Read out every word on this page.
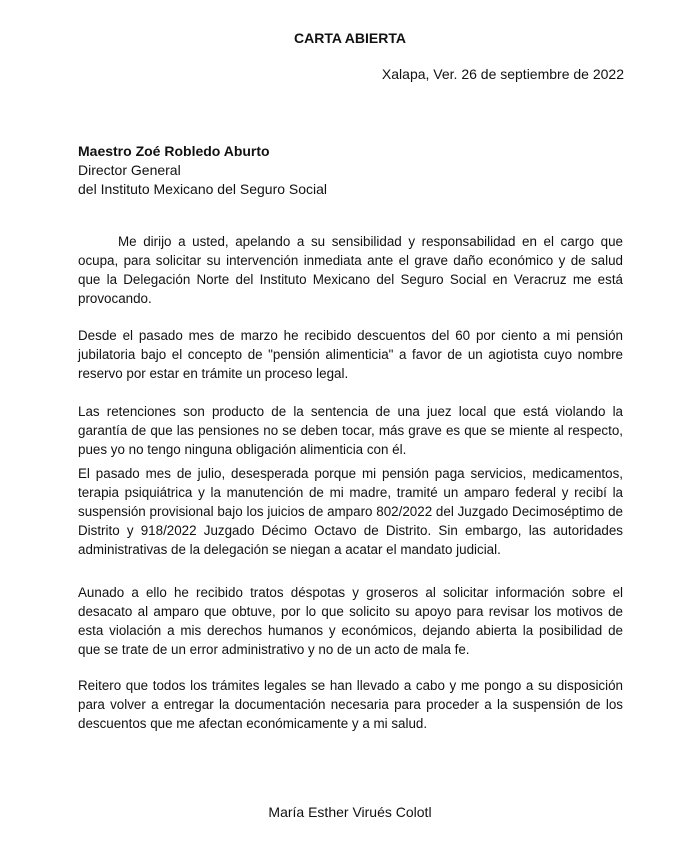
CARTA ABIERTA
Xalapa, Ver. 26 de septiembre de 2022
Maestro Zoé Robledo Aburto
Director General
del Instituto Mexicano del Seguro Social

Me dirijo a usted, apelando a su sensibilidad y responsabilidad en el cargo que ocupa, para solicitar su intervención inmediata ante el grave daño económico y de salud que la Delegación Norte del Instituto Mexicano del Seguro Social en Veracruz me está provocando.

Desde el pasado mes de marzo he recibido descuentos del 60 por ciento a mi pensión jubilatoria bajo el concepto de "pensión alimenticia" a favor de un agiotista cuyo nombre reservo por estar en trámite un proceso legal.

Las retenciones son producto de la sentencia de una juez local que está violando la garantía de que las pensiones no se deben tocar, más grave es que se miente al respecto, pues yo no tengo ninguna obligación alimenticia con él.

El pasado mes de julio, desesperada porque mi pensión paga servicios, medicamentos, terapia psiquiátrica y la manutención de mi madre, tramité un amparo federal y recibí la suspensión provisional bajo los juicios de amparo 802/2022 del Juzgado Decimoséptimo de Distrito y 918/2022 Juzgado Décimo Octavo de Distrito. Sin embargo, las autoridades administrativas de la delegación se niegan a acatar el mandato judicial.

Aunado a ello he recibido tratos déspotas y groseros al solicitar información sobre el desacato al amparo que obtuve, por lo que solicito su apoyo para revisar los motivos de esta violación a mis derechos humanos y económicos, dejando abierta la posibilidad de que se trate de un error administrativo y no de un acto de mala fe.

Reitero que todos los trámites legales se han llevado a cabo y me pongo a su disposición para volver a entregar la documentación necesaria para proceder a la suspensión de los descuentos que me afectan económicamente y a mi salud.

María Esther Virués Colotl
